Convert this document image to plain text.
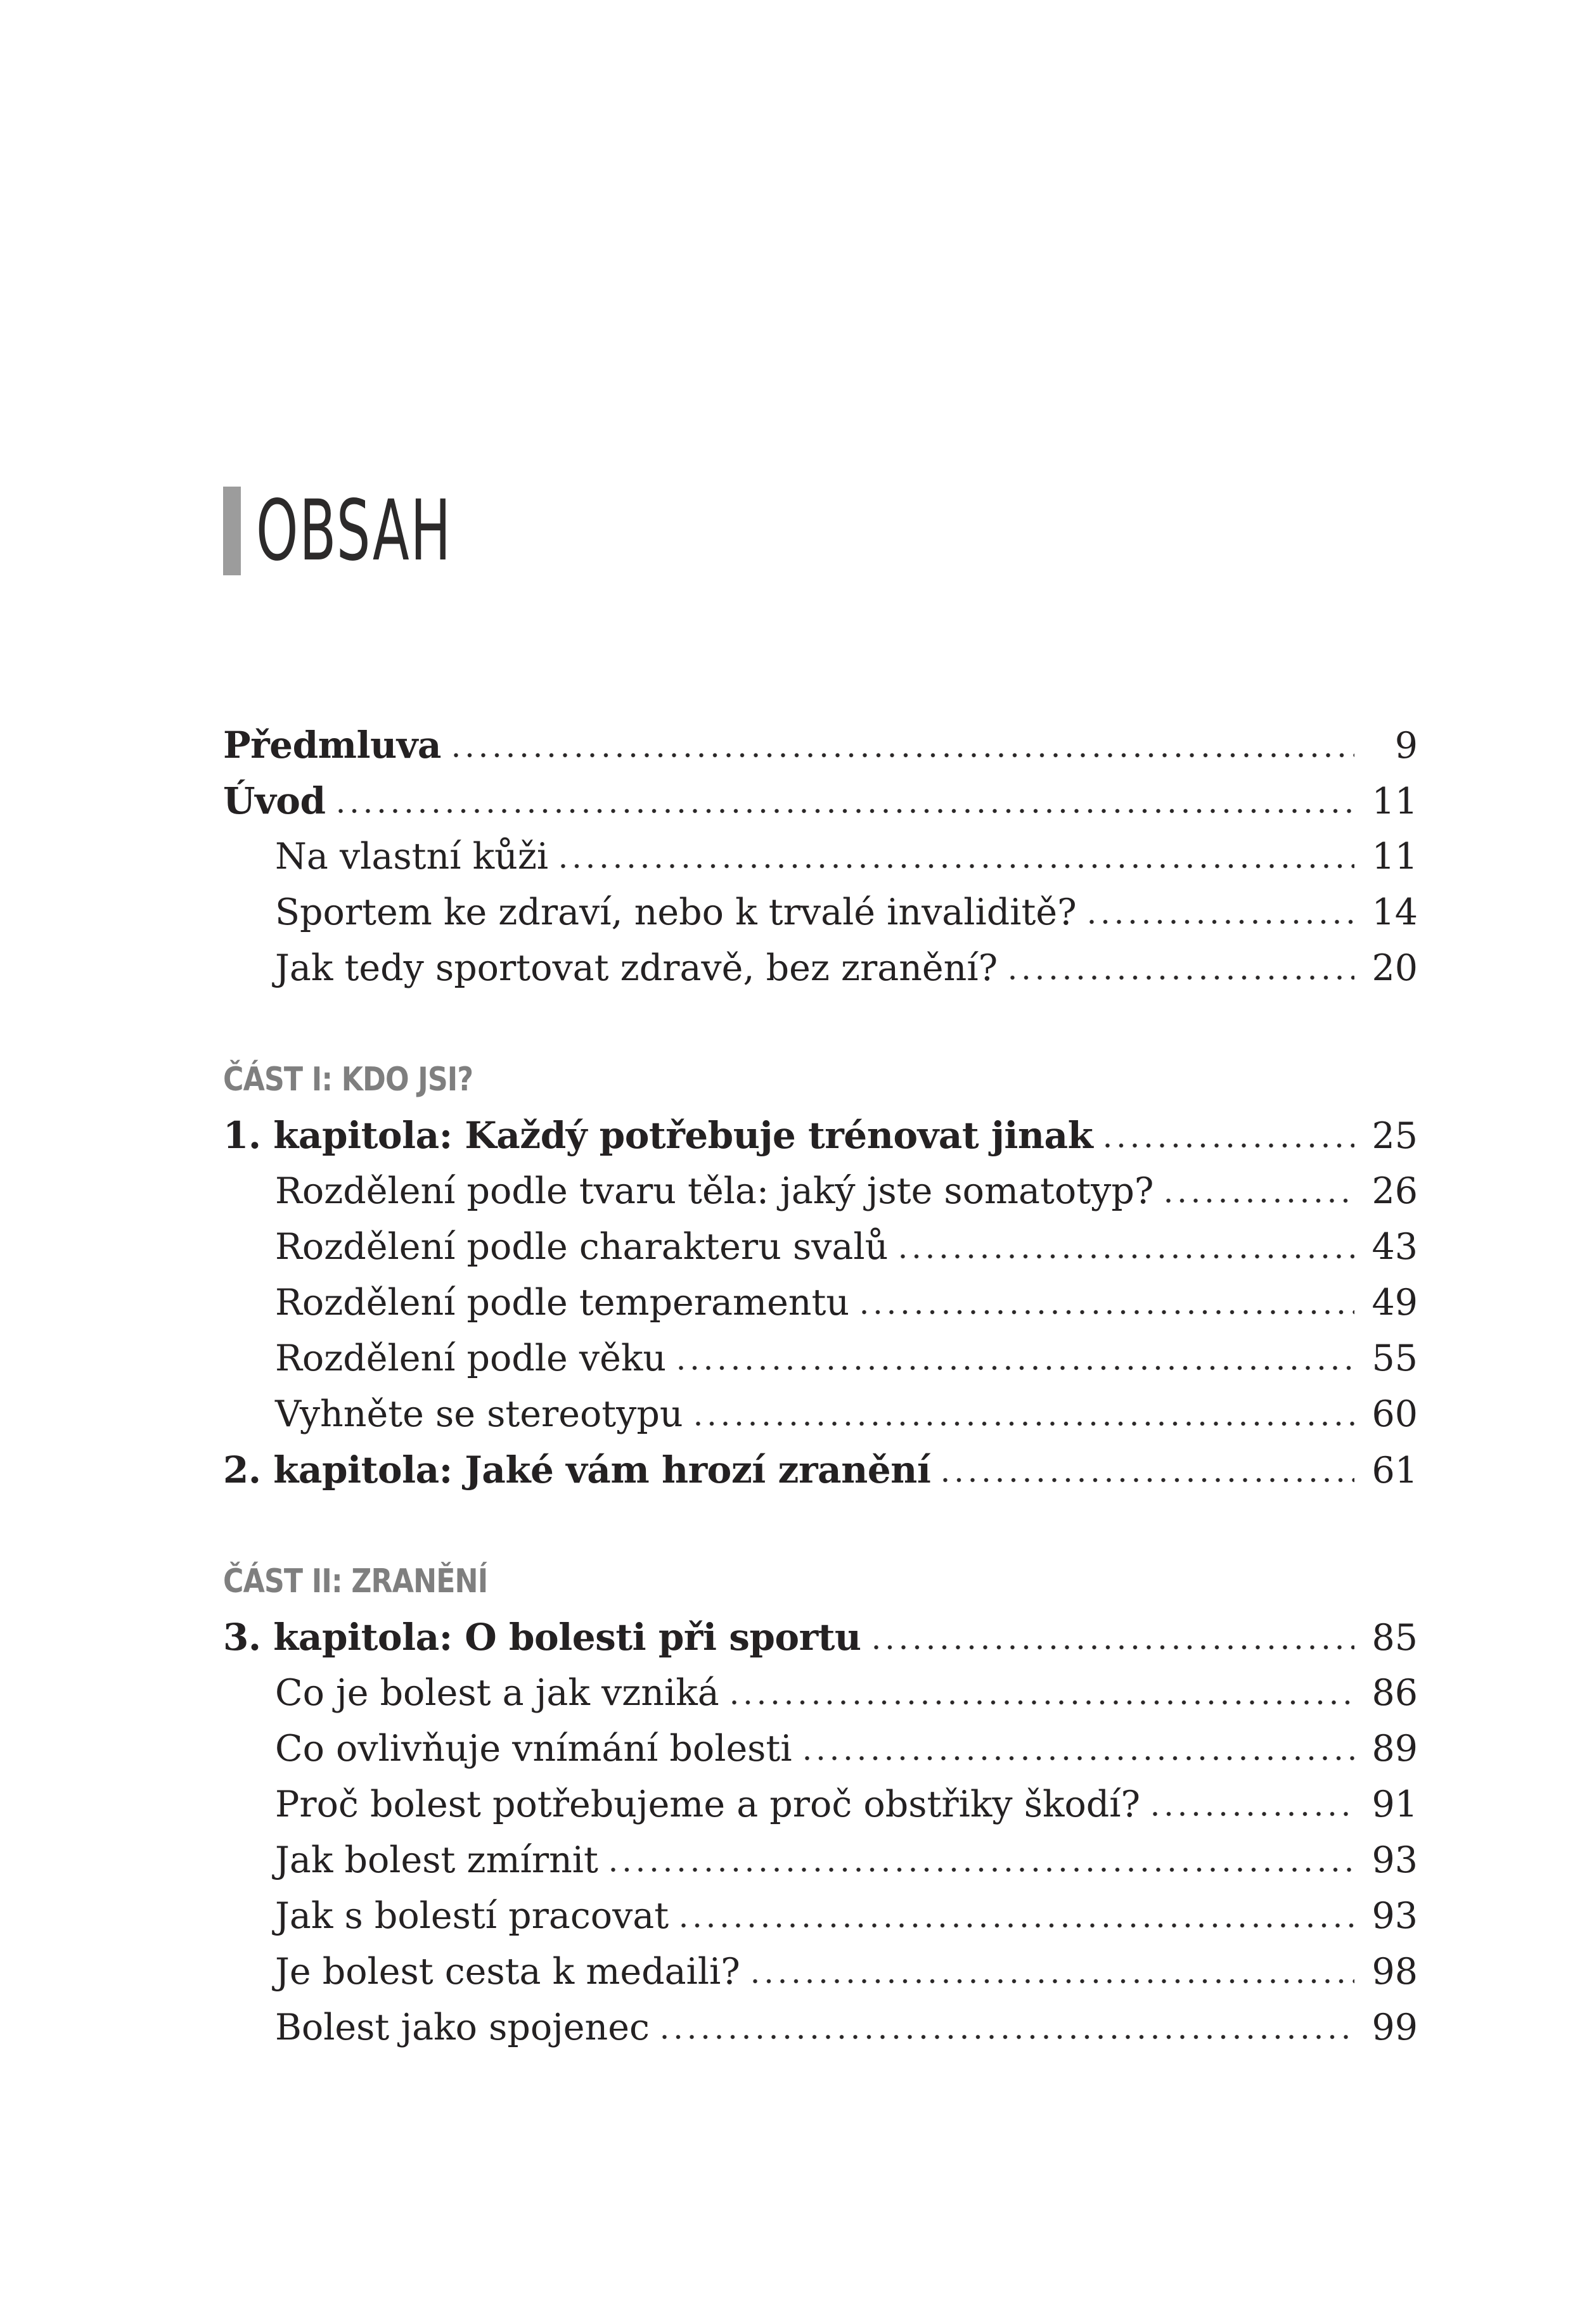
OBSAH
Předmluva	9
Úvod	11
Na vlastní kůži	11
Sportem ke zdraví, nebo k trvalé invaliditě?	14
Jak tedy sportovat zdravě, bez zranění?	20
ČÁST I: KDO JSI?
1. kapitola: Každý potřebuje trénovat jinak	25
Rozdělení podle tvaru těla: jaký jste somatotyp?	26
Rozdělení podle charakteru svalů	43
Rozdělení podle temperamentu	49
Rozdělení podle věku	55
Vyhněte se stereotypu	60
2. kapitola: Jaké vám hrozí zranění	61
ČÁST II: ZRANĚNÍ
3. kapitola: O bolesti při sportu	85
Co je bolest a jak vzniká	86
Co ovlivňuje vnímání bolesti	89
Proč bolest potřebujeme a proč obstřiky škodí?	91
Jak bolest zmírnit	93
Jak s bolestí pracovat	93
Je bolest cesta k medaili?	98
Bolest jako spojenec	99
